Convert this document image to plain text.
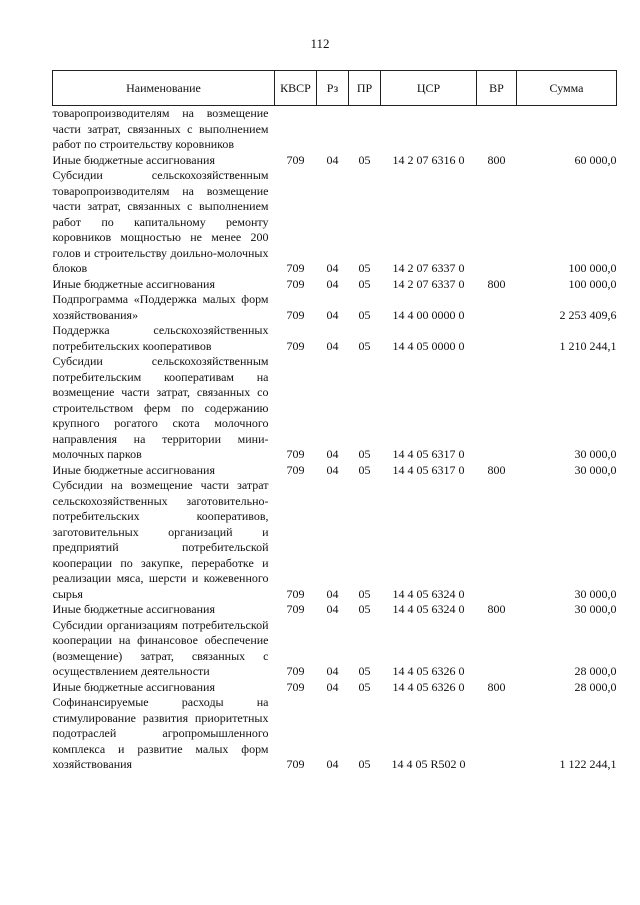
112
Наименование	КВСР	Рз	ПР	ЦСР	ВР	Сумма
товаропроизводителям на возмещение части затрат, связанных с выполнением работ по строительству коровников						
Иные бюджетные ассигнования	709	04	05	14 2 07 6316 0	800	60 000,0
Субсидии сельскохозяйственным товаропроизводителям на возмещение части затрат, связанных с выполнением работ по капитальному ремонту коровников мощностью не менее 200 голов и строительству доильно-молочных блоков	709	04	05	14 2 07 6337 0		100 000,0
Иные бюджетные ассигнования	709	04	05	14 2 07 6337 0	800	100 000,0
Подпрограмма «Поддержка малых форм хозяйствования»	709	04	05	14 4 00 0000 0		2 253 409,6
Поддержка сельскохозяйственных потребительских кооперативов	709	04	05	14 4 05 0000 0		1 210 244,1
Субсидии сельскохозяйственным потребительским кооперативам на возмещение части затрат, связанных со строительством ферм по содержанию крупного рогатого скота молочного направления на территории мини-молочных парков	709	04	05	14 4 05 6317 0		30 000,0
Иные бюджетные ассигнования	709	04	05	14 4 05 6317 0	800	30 000,0
Субсидии на возмещение части затрат сельскохозяйственных заготовительно-потребительских кооперативов, заготовительных организаций и предприятий потребительской кооперации по закупке, переработке и реализации мяса, шерсти и кожевенного сырья	709	04	05	14 4 05 6324 0		30 000,0
Иные бюджетные ассигнования	709	04	05	14 4 05 6324 0	800	30 000,0
Субсидии организациям потребительской кооперации на финансовое обеспечение (возмещение) затрат, связанных с осуществлением деятельности	709	04	05	14 4 05 6326 0		28 000,0
Иные бюджетные ассигнования	709	04	05	14 4 05 6326 0	800	28 000,0
Софинансируемые расходы на стимулирование развития приоритетных подотраслей агропромышленного комплекса и развитие малых форм хозяйствования	709	04	05	14 4 05 R502 0		1 122 244,1
